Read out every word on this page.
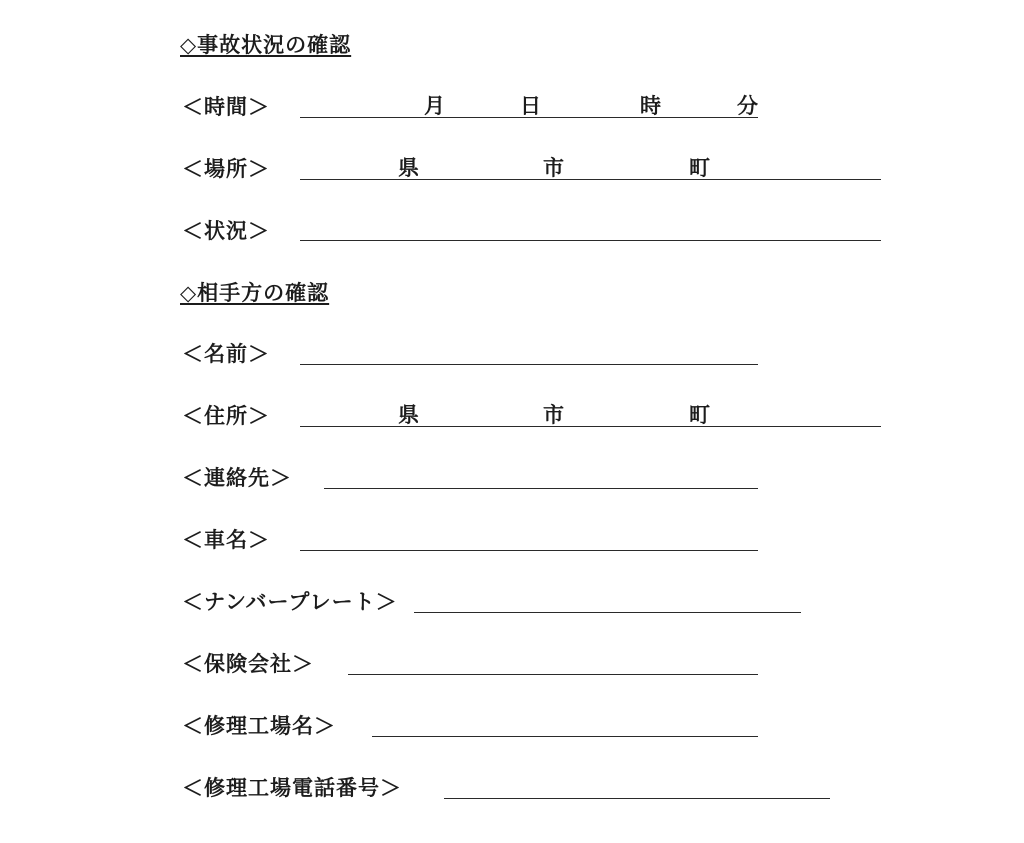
◇事故状況の確認
＜時間＞	月	日	時	分
＜場所＞	県	市	町
＜状況＞
◇相手方の確認
＜名前＞
＜住所＞	県	市	町
＜連絡先＞
＜車名＞
＜ナンバープレート＞
＜保険会社＞
＜修理工場名＞
＜修理工場電話番号＞
